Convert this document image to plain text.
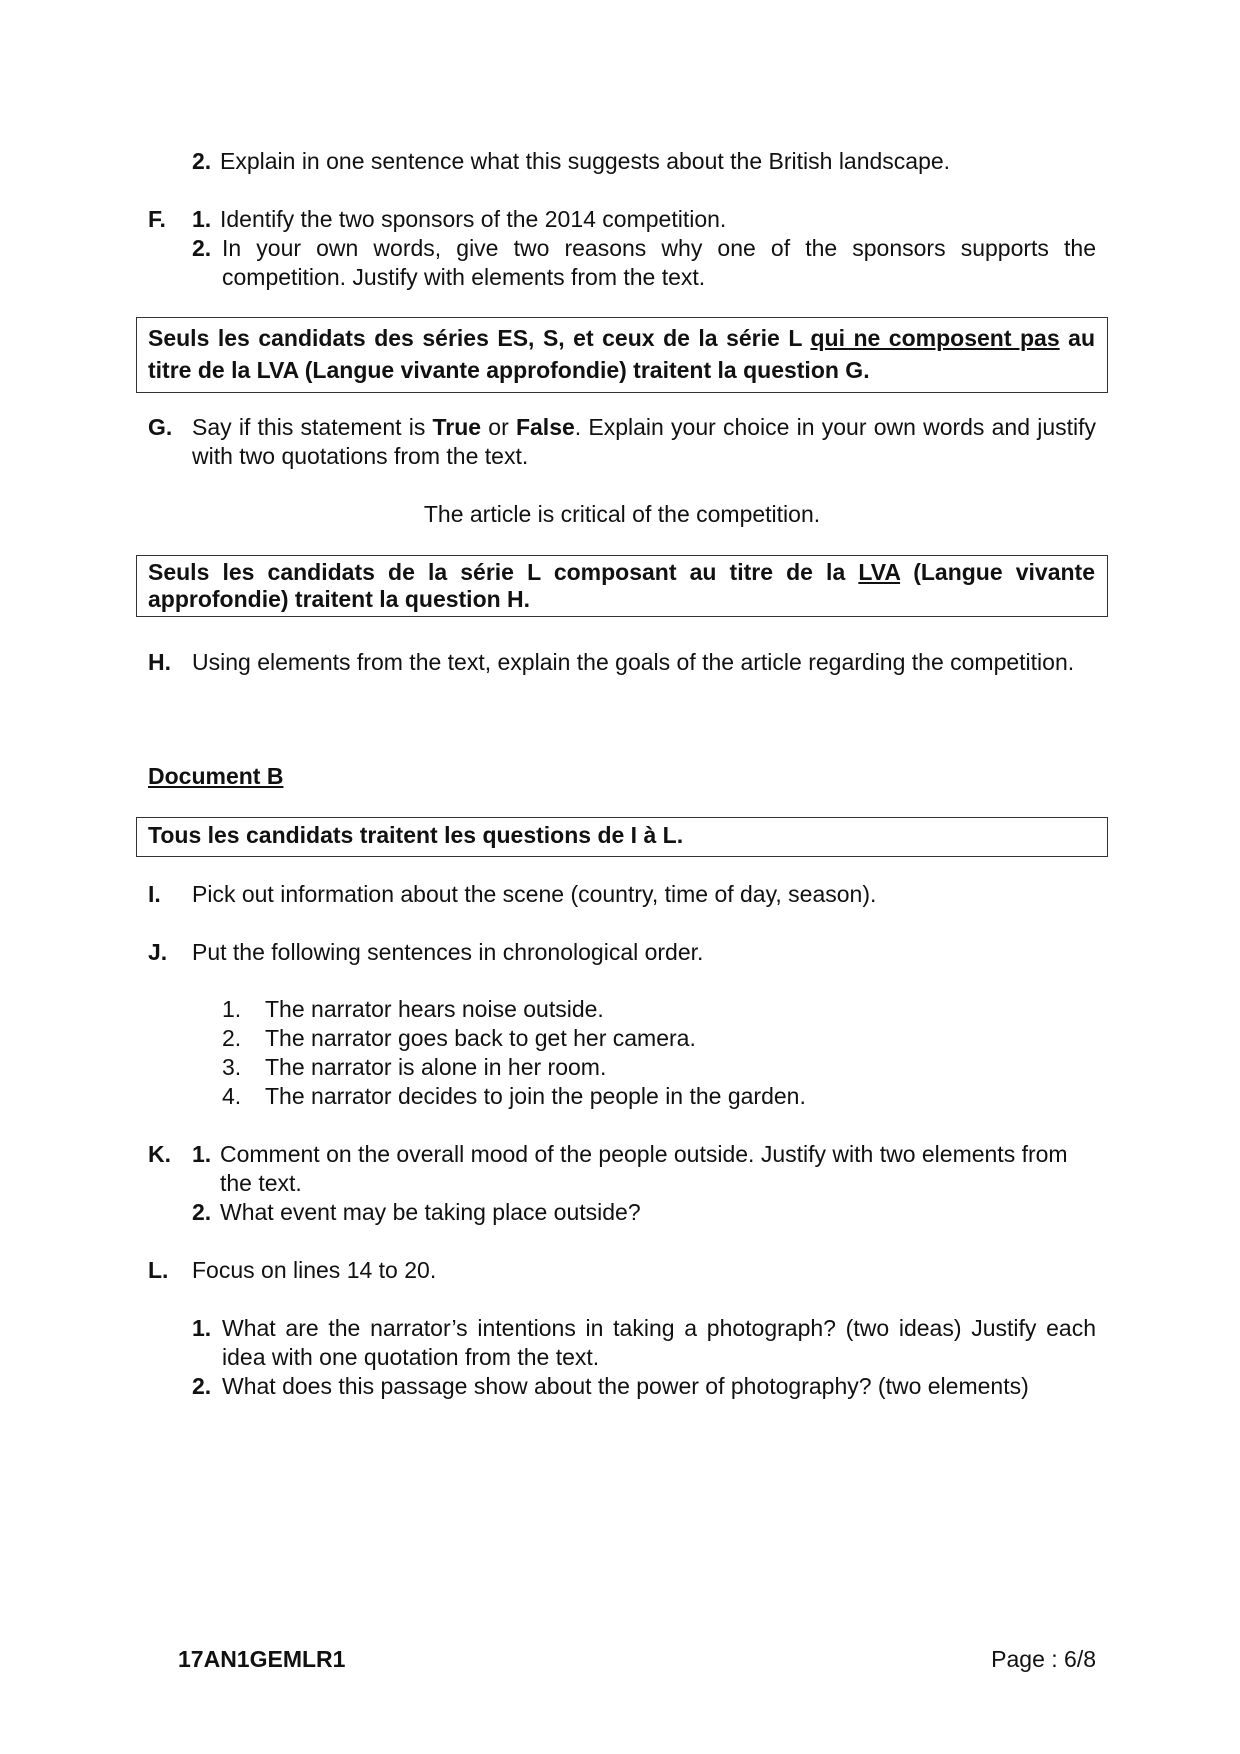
2. Explain in one sentence what this suggests about the British landscape.
F. 1. Identify the two sponsors of the 2014 competition.
2. In your own words, give two reasons why one of the sponsors supports the competition. Justify with elements from the text.
Seuls les candidats des séries ES, S, et ceux de la série L qui ne composent pas au titre de la LVA (Langue vivante approfondie) traitent la question G.
G. Say if this statement is True or False. Explain your choice in your own words and justify with two quotations from the text.
The article is critical of the competition.
Seuls les candidats de la série L composant au titre de la LVA (Langue vivante approfondie) traitent la question H.
H. Using elements from the text, explain the goals of the article regarding the competition.
Document B
Tous les candidats traitent les questions de I à L.
I. Pick out information about the scene (country, time of day, season).
J. Put the following sentences in chronological order.
1. The narrator hears noise outside.
2. The narrator goes back to get her camera.
3. The narrator is alone in her room.
4. The narrator decides to join the people in the garden.
K. 1. Comment on the overall mood of the people outside. Justify with two elements from the text.
2. What event may be taking place outside?
L. Focus on lines 14 to 20.
1. What are the narrator’s intentions in taking a photograph? (two ideas) Justify each idea with one quotation from the text.
2. What does this passage show about the power of photography? (two elements)
17AN1GEMLR1	Page : 6/8
